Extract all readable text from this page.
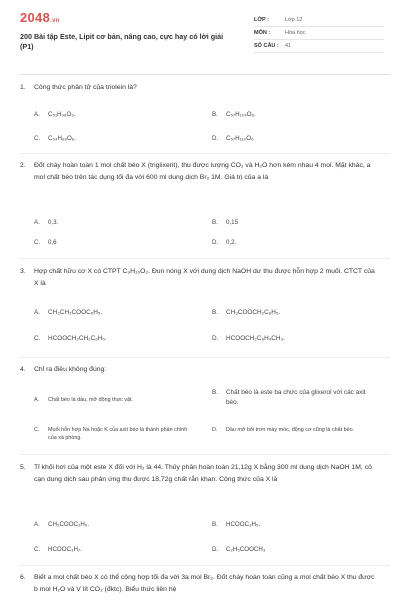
2048.vn
200 Bài tập Este, Lipit cơ bản, nâng cao, cực hay có lời giải (P1)
LỚP :	Lớp 12
MÔN :	Hóa học
SỐ CÂU :	41
1.	Công thức phân tử của triolein là?
A.	C₅₁H₉₈O₆.	B.	C₅₇H₁₀₄O₆.
C.	C₅₄H₉₈O₆.	D.	C₅₇H₁₁₀O₆
2.	Đốt cháy hoàn toàn 1 mol chất béo X (triglixerit), thu được lượng CO₂ và H₂O hơn kém nhau 4 mol. Mặt khác, a mol chất béo trên tác dụng tối đa với 600 ml dung dịch Br₂ 1M. Giá trị của a là
A.	0,3.	B.	0,15
C.	0,6	D.	0,2.
3.	Hợp chất hữu cơ X có CTPT C₉H₁₀O₂. Đun nóng X với dung dịch NaOH dư thu được hỗn hợp 2 muối. CTCT của X là
A.	CH₃CH₂COOC₆H₅.	B.	CH₃COOCH₂C₆H₅.
C.	HCOOCH₂CH₂C₆H₅.	D.	HCOOCH₂C₆H₄CH₃.
4.	Chỉ ra điều không đúng:
A.	Chất béo là dầu, mỡ động thực vật.
B.	Chất béo là este ba chức của glixerol với các axit béo.
C.	Muối hỗn hợp Na hoặc K của axit béo là thành phần chính của xà phòng.
D.	Dầu mỡ bôi trơn máy móc, động cơ cũng là chất béo.
5.	Tỉ khối hơi của một este X đối với H₂ là 44. Thủy phân hoàn toàn 21,12g X bằng 300 ml dung dịch NaOH 1M, cô cạn dung dịch sau phản ứng thu được 18,72g chất rắn khan. Công thức của X là
A.	CH₃COOC₂H₅.	B.	HCOOC₃H₅.
C.	HCOOC₃H₇.	D.	C₂H₅COOCH₃
6.	Biết a mol chất béo X có thể cộng hợp tối đa với 3a mol Br₂. Đốt cháy hoàn toàn cũng a mol chất béo X thu được b mol H₂O và V lít CO₂ (đktc). Biểu thức liên hệ
